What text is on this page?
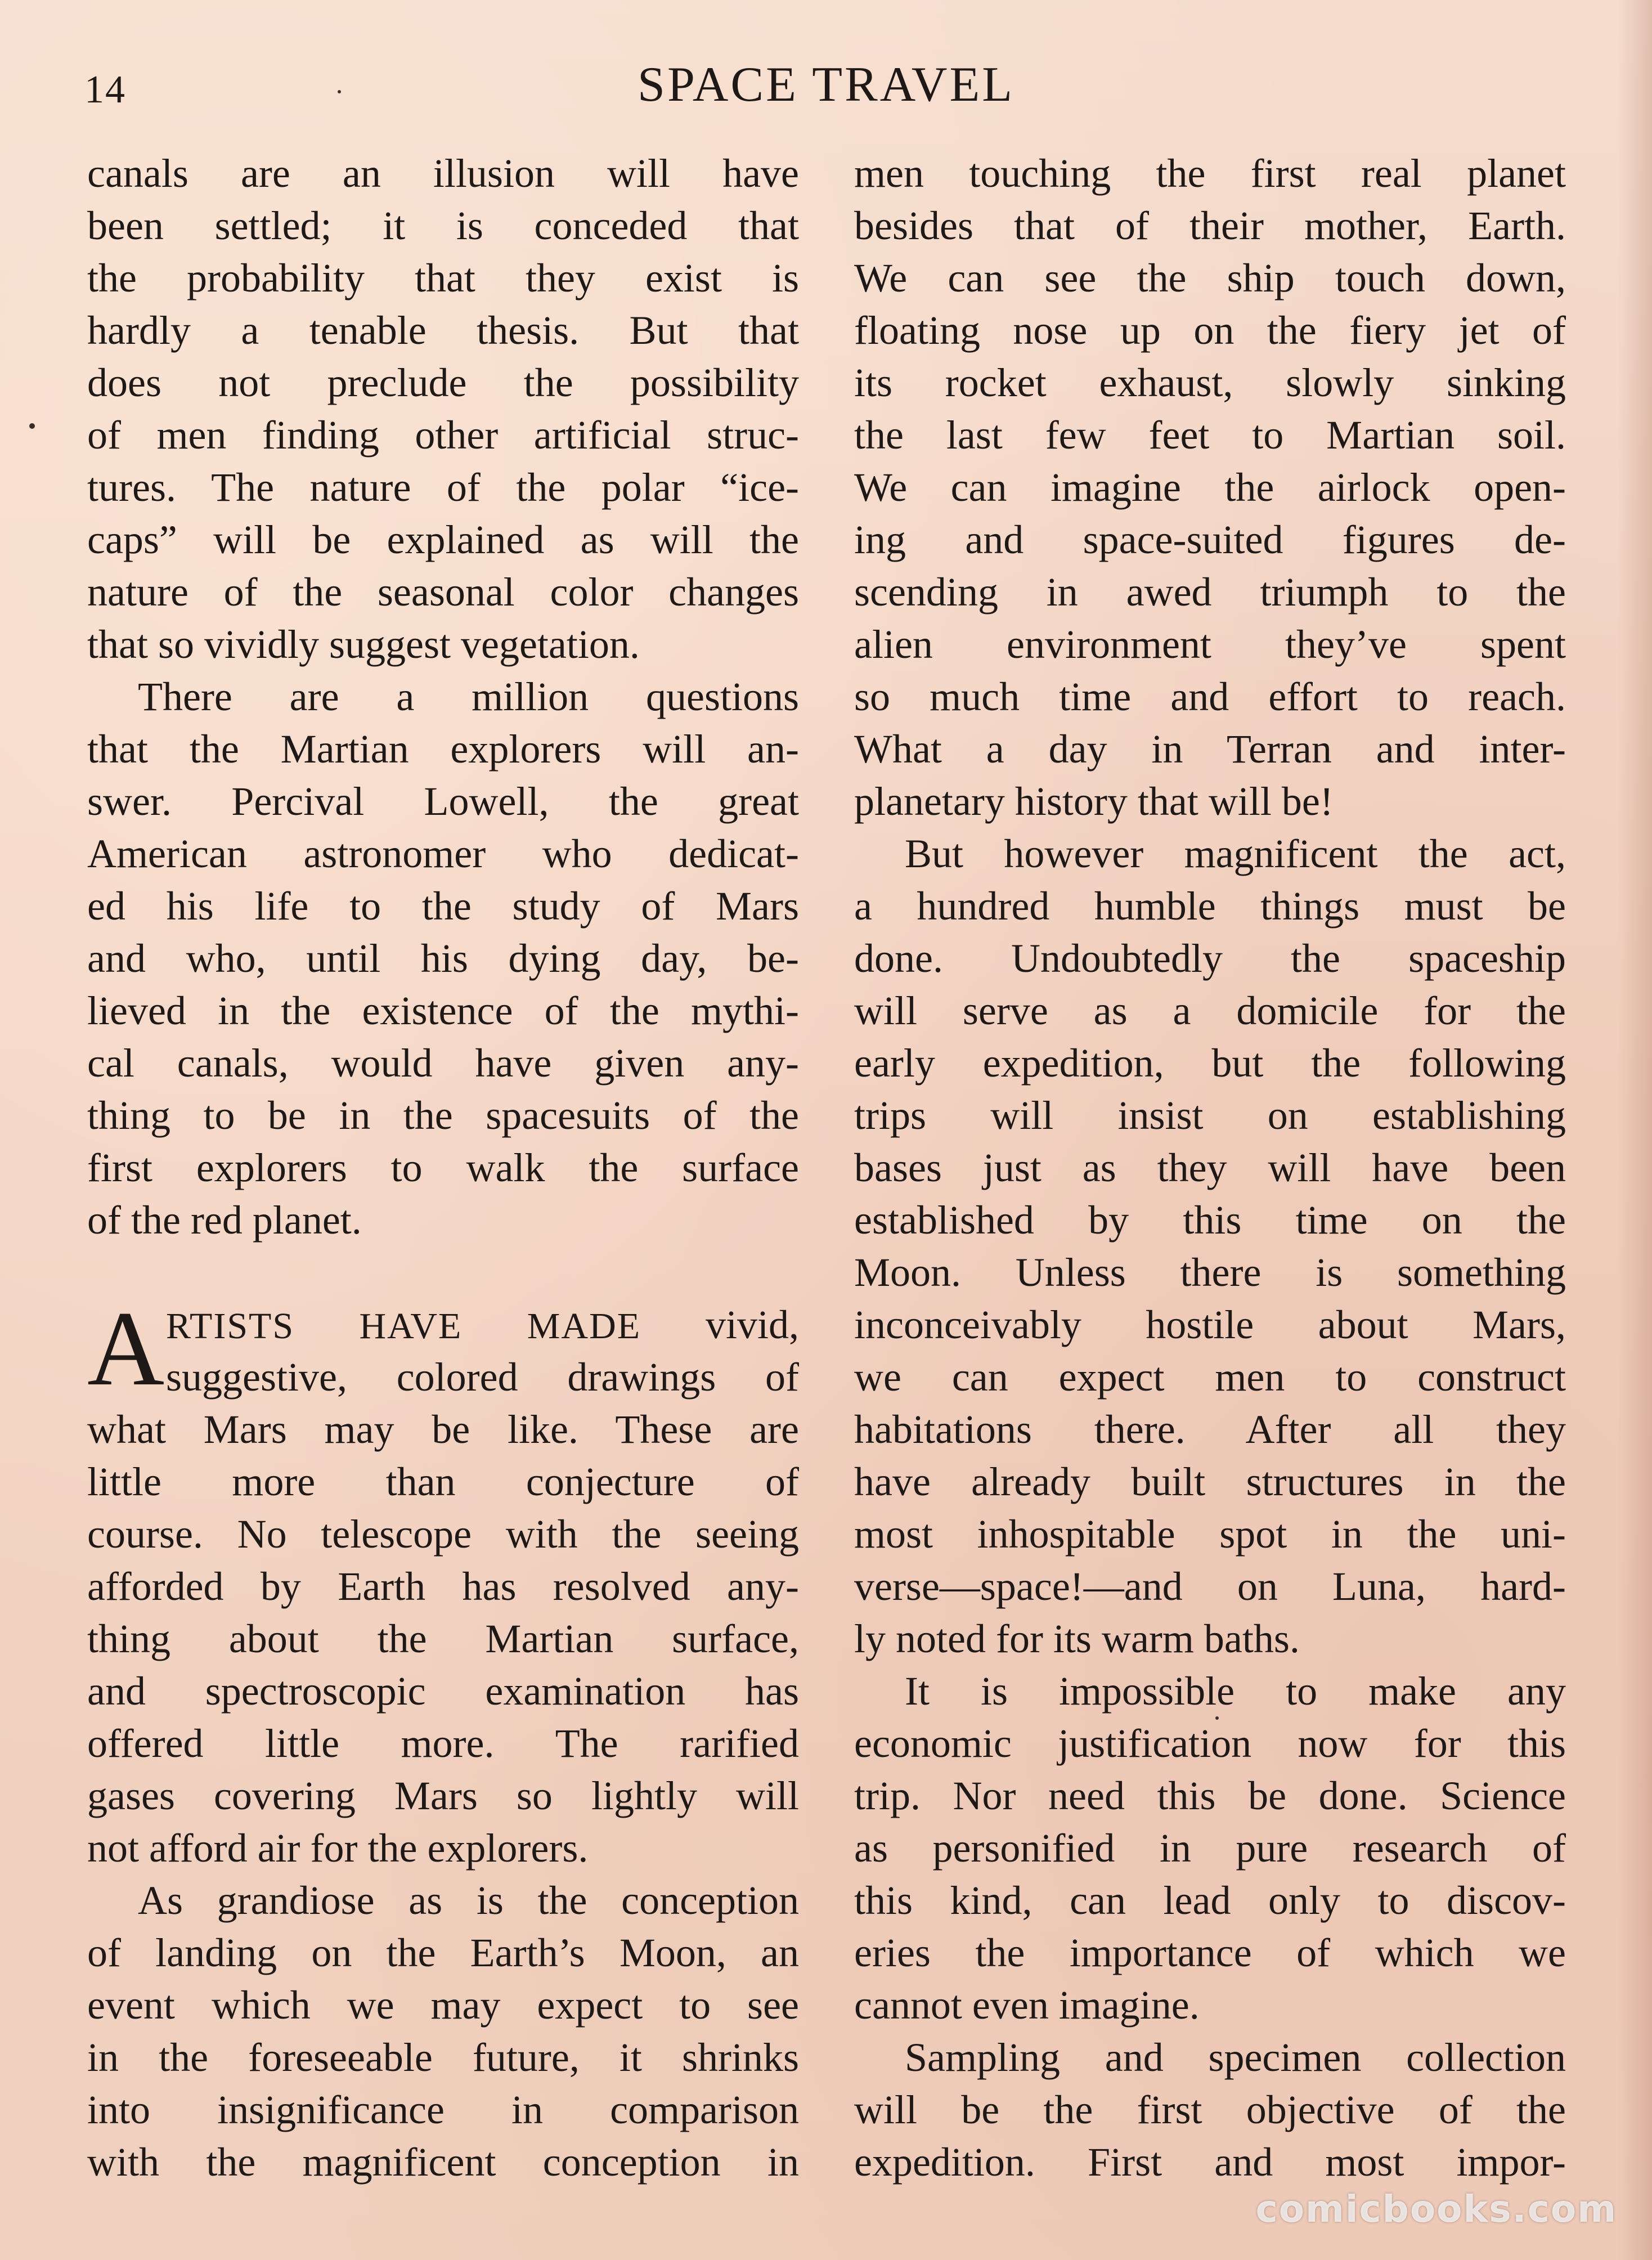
14	SPACE TRAVEL
canals are an illusion will have
been settled; it is conceded that
the probability that they exist is
hardly a tenable thesis. But that
does not preclude the possibility
of men finding other artificial struc-
tures. The nature of the polar “ice-
caps” will be explained as will the
nature of the seasonal color changes
that so vividly suggest vegetation.
There are a million questions
that the Martian explorers will an-
swer. Percival Lowell, the great
American astronomer who dedicat-
ed his life to the study of Mars
and who, until his dying day, be-
lieved in the existence of the mythi-
cal canals, would have given any-
thing to be in the spacesuits of the
first explorers to walk the surface
of the red planet.
A RTISTS HAVE MADE vivid,
suggestive, colored drawings of
what Mars may be like. These are
little more than conjecture of
course. No telescope with the seeing
afforded by Earth has resolved any-
thing about the Martian surface,
and spectroscopic examination has
offered little more. The rarified
gases covering Mars so lightly will
not afford air for the explorers.
As grandiose as is the conception
of landing on the Earth’s Moon, an
event which we may expect to see
in the foreseeable future, it shrinks
into insignificance in comparison
with the magnificent conception in
men touching the first real planet
besides that of their mother, Earth.
We can see the ship touch down,
floating nose up on the fiery jet of
its rocket exhaust, slowly sinking
the last few feet to Martian soil.
We can imagine the airlock open-
ing and space-suited figures de-
scending in awed triumph to the
alien environment they’ve spent
so much time and effort to reach.
What a day in Terran and inter-
planetary history that will be!
But however magnificent the act,
a hundred humble things must be
done. Undoubtedly the spaceship
will serve as a domicile for the
early expedition, but the following
trips will insist on establishing
bases just as they will have been
established by this time on the
Moon. Unless there is something
inconceivably hostile about Mars,
we can expect men to construct
habitations there. After all they
have already built structures in the
most inhospitable spot in the uni-
verse—space!—and on Luna, hard-
ly noted for its warm baths.
It is impossible to make any
economic justification now for this
trip. Nor need this be done. Science
as personified in pure research of
this kind, can lead only to discov-
eries the importance of which we
cannot even imagine.
Sampling and specimen collection
will be the first objective of the
expedition. First and most impor-
comicbooks.com
